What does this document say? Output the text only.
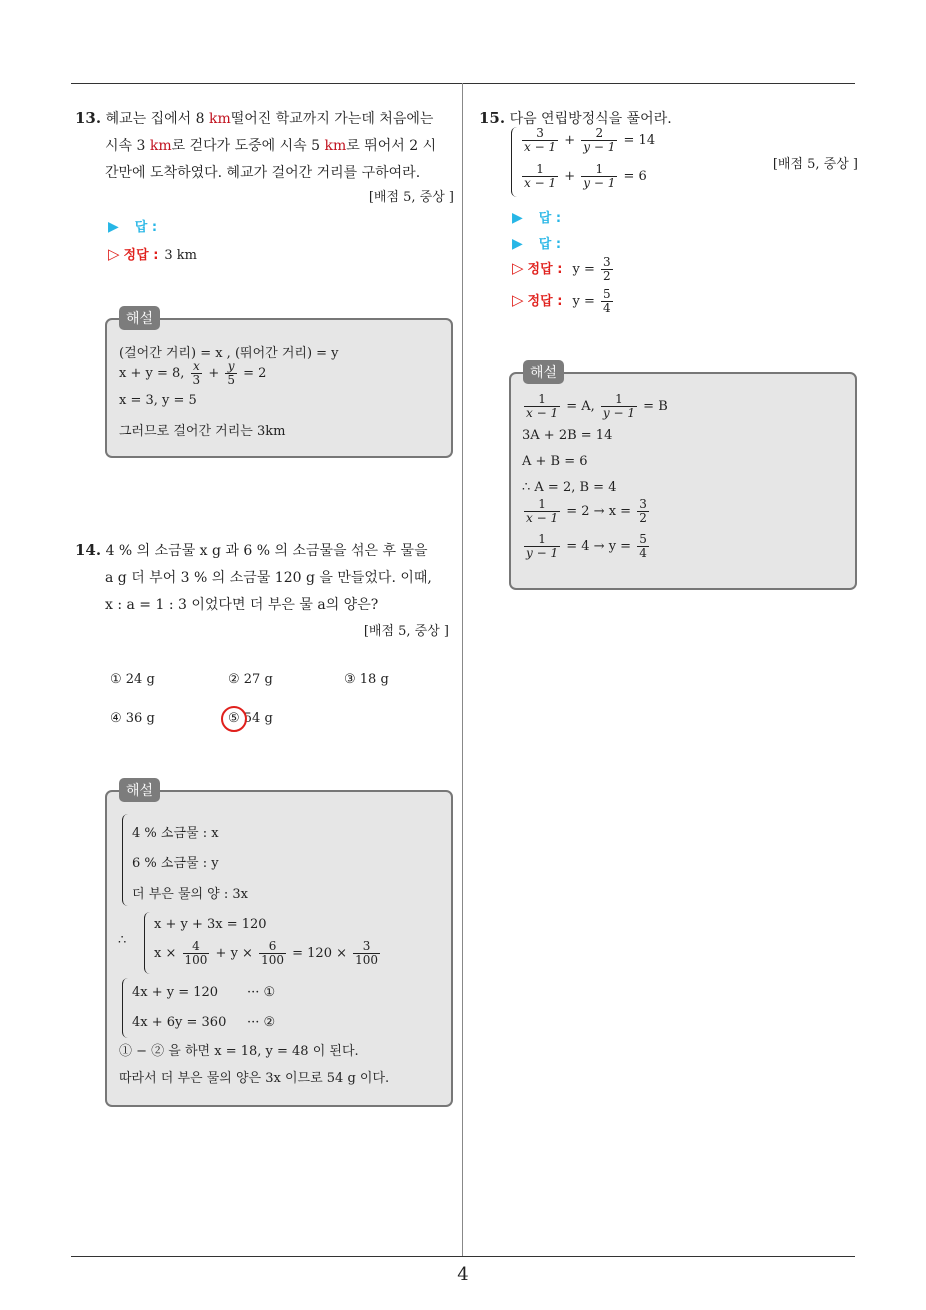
4
13. 혜교는 집에서 8 km떨어진 학교까지 가는데 처음에는
시속 3 km로 걷다가 도중에 시속 5 km로 뛰어서 2 시
간만에 도착하였다. 혜교가 걸어간 거리를 구하여라.
[배점 5, 중상 ]
▶ 답 :
▷ 정답 : 3 km
해설
(걸어간 거리) = x , (뛰어간 거리) = y
x + y = 8, $\frac{x}{3} + \frac{y}{5} = 2$
x = 3, y = 5
그러므로 걸어간 거리는 3km
14. 4 % 의 소금물 x g 과 6 % 의 소금물을 섞은 후 물을
a g 더 부어 3 % 의 소금물 120 g 을 만들었다. 이때,
x : a = 1 : 3 이었다면 더 부은 물 a의 양은?
[배점 5, 중상 ]
① 24 g	② 27 g	③ 18 g
④ 36 g	⑤ 54 g
해설
4 % 소금물 : x
6 % 소금물 : y
더 부은 물의 양 : 3x
∴
x + y + 3x = 120
$x \times \frac{4}{100} + y \times \frac{6}{100} = 120 \times \frac{3}{100}$
4x + y = 120       ··· ①
4x + 6y = 360     ··· ②
① − ② 을 하면 x = 18, y = 48 이 된다.
따라서 더 부은 물의 양은 3x 이므로 54 g 이다.
15. 다음 연립방정식을 풀어라.
[배점 5, 중상 ]
$\frac{3}{x - 1} + \frac{2}{y - 1} = 14$
$\frac{1}{x - 1} + \frac{1}{y - 1} = 6$
▶ 답 :
▶ 답 :
▷ 정답 : $y = \frac{3}{2}$
▷ 정답 : $y = \frac{5}{4}$
해설
$\frac{1}{x - 1} = A$, $\frac{1}{y - 1} = B$
3A + 2B = 14
A + B = 6
∴ A = 2, B = 4
$\frac{1}{x - 1} = 2 \to x = \frac{3}{2}$
$\frac{1}{y - 1} = 4 \to y = \frac{5}{4}$
